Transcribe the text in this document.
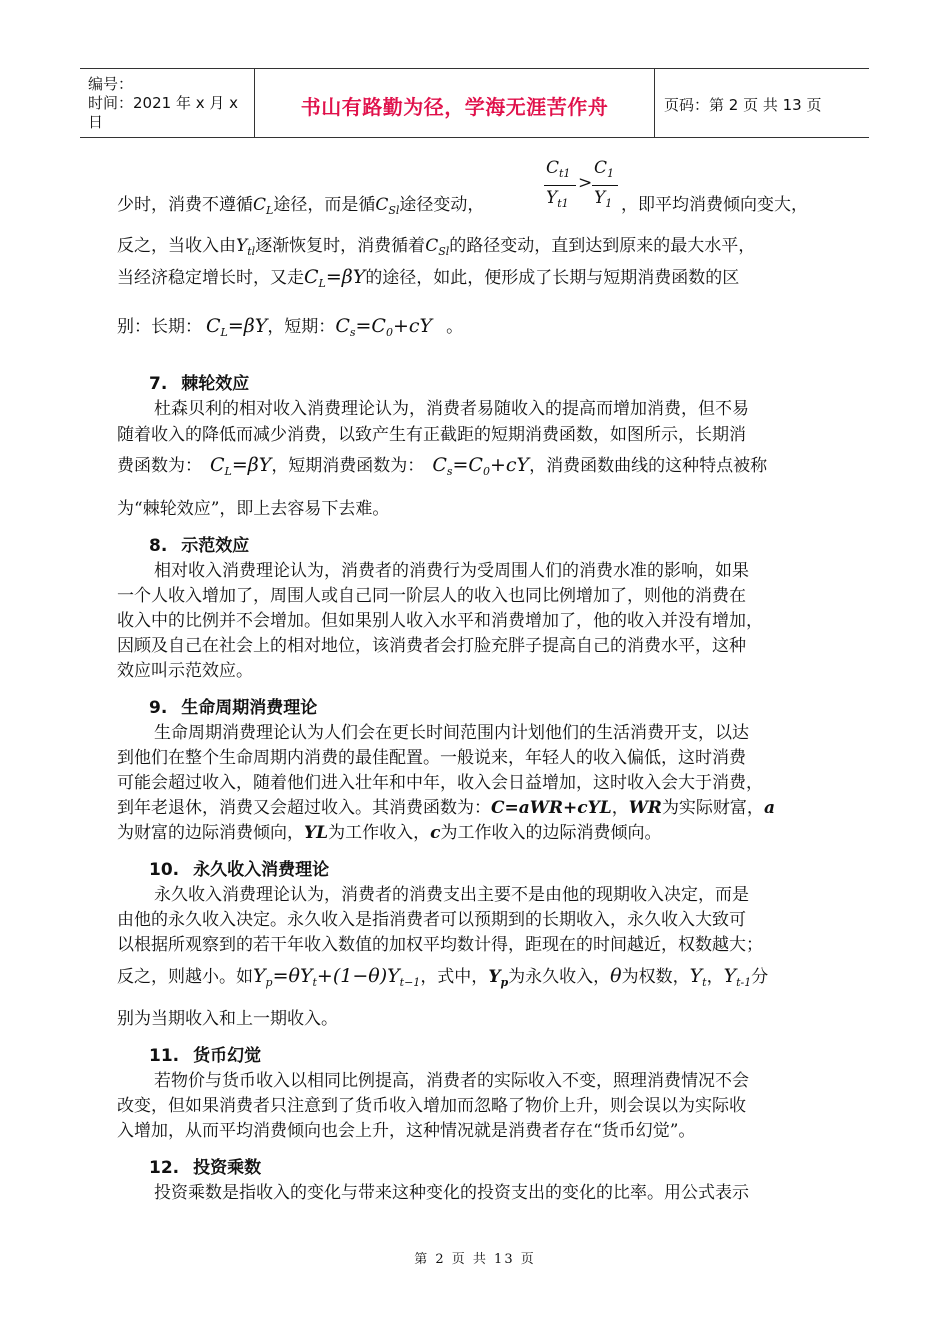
编号：
时间：2021 年 x 月 x 日
书山有路勤为径，学海无涯苦作舟	页码：第 2 页 共 13 页
少时，消费不遵循$C_L$途径，而是循$C_{Sl}$途径变动，
$C_{t1}$
$Y_{t1}$
>
$C_1$
$Y_1$ ，即平均消费倾向变大，
反之，当收入由$Y_{tl}$逐渐恢复时，消费循着$C_{Sl}$的路径变动，直到达到原来的最大水平，
当经济稳定增长时，又走$C_L=\beta Y$的途径，如此，便形成了长期与短期消费函数的区
别：长期： $C_L=\beta Y$，短期：$C_s=C_0+cY$ 。
7. 棘轮效应
杜森贝利的相对收入消费理论认为，消费者易随收入的提高而增加消费，但不易
随着收入的降低而减少消费，以致产生有正截距的短期消费函数，如图所示，长期消
费函数为： $C_L=\beta Y$，短期消费函数为： $C_s=C_0+cY$，消费函数曲线的这种特点被称
为“棘轮效应”，即上去容易下去难。
8. 示范效应
相对收入消费理论认为，消费者的消费行为受周围人们的消费水准的影响，如果
一个人收入增加了，周围人或自己同一阶层人的收入也同比例增加了，则他的消费在
收入中的比例并不会增加。但如果别人收入水平和消费增加了，他的收入并没有增加，
因顾及自己在社会上的相对地位，该消费者会打脸充胖子提高自己的消费水平，这种
效应叫示范效应。
9. 生命周期消费理论
生命周期消费理论认为人们会在更长时间范围内计划他们的生活消费开支，以达
到他们在整个生命周期内消费的最佳配置。一般说来，年轻人的收入偏低，这时消费
可能会超过收入，随着他们进入壮年和中年，收入会日益增加，这时收入会大于消费，
到年老退休，消费又会超过收入。其消费函数为：C=aWR+cYL，WR为实际财富，a
为财富的边际消费倾向，YL为工作收入，c为工作收入的边际消费倾向。
10. 永久收入消费理论
永久收入消费理论认为，消费者的消费支出主要不是由他的现期收入决定，而是
由他的永久收入决定。永久收入是指消费者可以预期到的长期收入，永久收入大致可
以根据所观察到的若干年收入数值的加权平均数计得，距现在的时间越近，权数越大；
反之，则越小。如$Y_p=\theta Y_t+(1-\theta)Y_{t-1}$，式中，$Y_p$为永久收入，θ为权数，$Y_t$，$Y_{t-1}$分
别为当期收入和上一期收入。
11. 货币幻觉
若物价与货币收入以相同比例提高，消费者的实际收入不变，照理消费情况不会
改变，但如果消费者只注意到了货币收入增加而忽略了物价上升，则会误以为实际收
入增加，从而平均消费倾向也会上升，这种情况就是消费者存在“货币幻觉”。
12. 投资乘数
投资乘数是指收入的变化与带来这种变化的投资支出的变化的比率。用公式表示
第 2 页 共 13 页
